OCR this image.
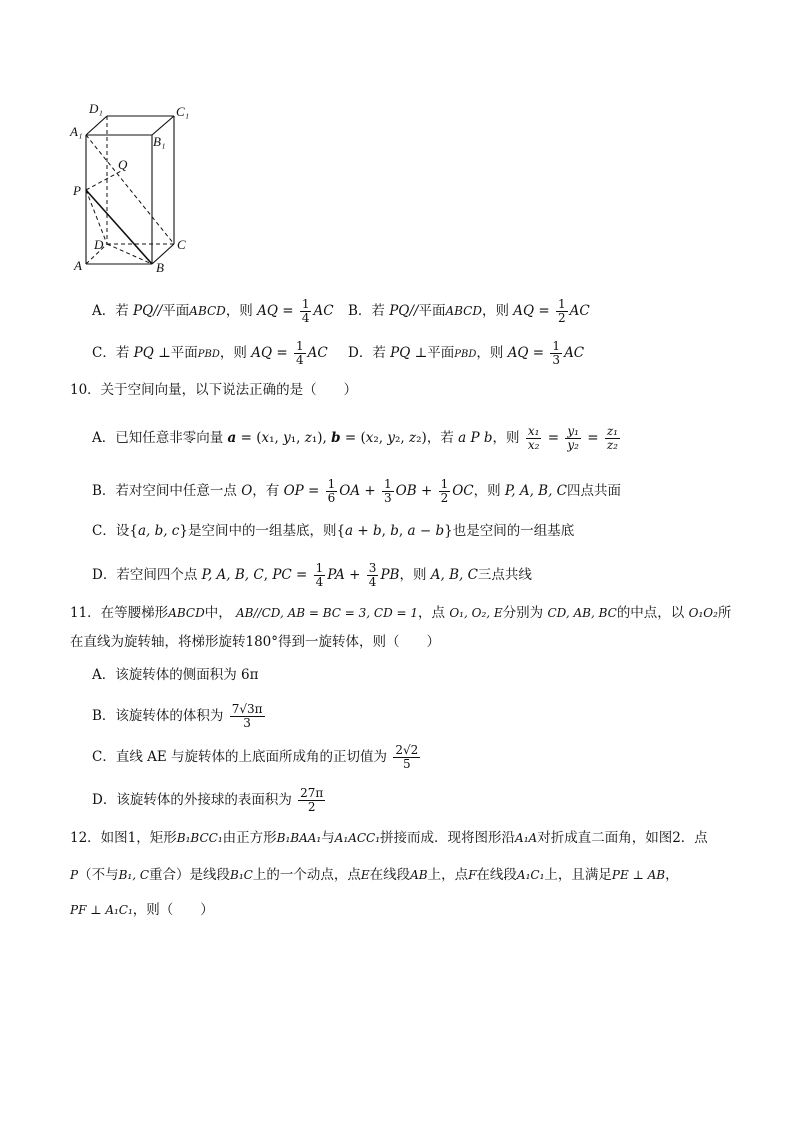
D₁	C₁
A₁
B₁
Q
P
D	C
A	B
A．若 PQ//平面ABCD，则 AQ = $\frac{1}{4}$ AC B．若 PQ//平面ABCD，则 AQ = $\frac{1}{2}$ AC
C．若 PQ ⊥平面PBD，则 AQ = $\frac{1}{4}$ AC D．若 PQ ⊥平面PBD，则 AQ = $\frac{1}{3}$ AC
10．关于空间向量，以下说法正确的是（　　）
A．已知任意非零向量 a = (x₁, y₁, z₁), b = (x₂, y₂, z₂)，若 a P b，则 $\frac{\text{x₁}}{\text{x₂}} = \frac{\text{y₁}}{\text{y₂}} = \frac{\text{z₁}}{\text{z₂}}$
B．若对空间中任意一点 O，有 OP = $\frac{1}{6}$ OA + $\frac{1}{3}$ OB + $\frac{1}{2}$ OC，则 P, A, B, C四点共面
C．设{a, b, c}是空间中的一组基底，则{a + b, b, a − b}也是空间的一组基底
D．若空间四个点 P, A, B, C, PC = $\frac{1}{4}$ PA + $\frac{3}{4}$ PB，则 A, B, C三点共线
11．在等腰梯形ABCD中， AB//CD, AB = BC = 3, CD = 1，点 O₁, O₂, E分别为 CD, AB, BC的中点，以 O₁O₂所
在直线为旋转轴，将梯形旋转180°得到一旋转体，则（　　）
A．该旋转体的侧面积为 6π
B．该旋转体的体积为 $\frac{7√3\pi}{3}$
C．直线 AE 与旋转体的上底面所成角的正切值为 $\frac{2√2}{5}$
D．该旋转体的外接球的表面积为 $\frac{27\pi}{2}$
12．如图1，矩形B₁BCC₁由正方形B₁BAA₁与A₁ACC₁拼接而成．现将图形沿A₁A对折成直二面角，如图2．点
P（不与B₁, C重合）是线段B₁C上的一个动点，点E在线段AB上，点F在线段A₁C₁上，且满足PE ⊥ AB，
PF ⊥ A₁C₁，则（　　）
